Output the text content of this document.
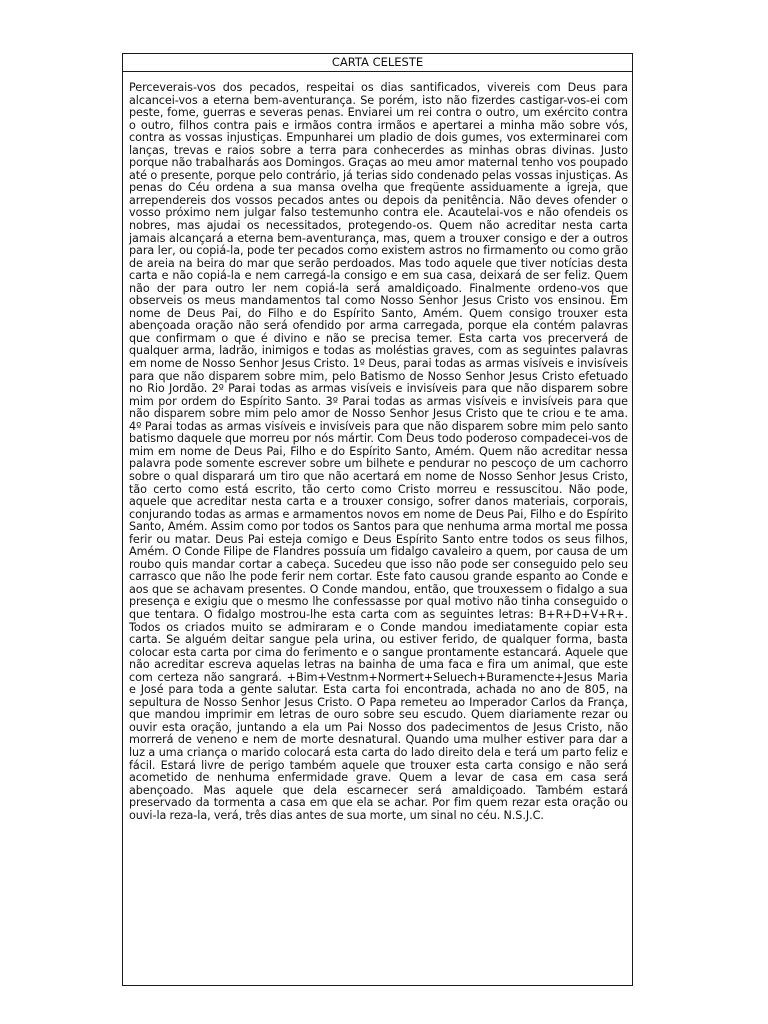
CARTA CELESTE
Perceverais-vos dos pecados, respeitai os dias santificados, vivereis com Deus para alcancei-vos a eterna bem-aventurança. Se porém, isto não fizerdes castigar-vos-ei com peste, fome, guerras e severas penas. Enviarei um rei contra o outro, um exército contra o outro, filhos contra pais e irmãos contra irmãos e apertarei a minha mão sobre vós, contra as vossas injustiças. Empunharei um pladio de dois gumes, vos exterminarei com lanças, trevas e raios sobre a terra para conhecerdes as minhas obras divinas. Justo porque não trabalharás aos Domingos. Graças ao meu amor maternal tenho vos poupado até o presente, porque pelo contrário, já terias sido condenado pelas vossas injustiças. As penas do Céu ordena a sua mansa ovelha que freqüente assiduamente a igreja, que arrependereis dos vossos pecados antes ou depois da penitência. Não deves ofender o vosso próximo nem julgar falso testemunho contra ele. Acautelai-vos e não ofendeis os nobres, mas ajudai os necessitados, protegendo-os. Quem não acreditar nesta carta jamais alcançará a eterna bem-aventurança, mas, quem a trouxer consigo e der a outros para ler, ou copiá-la, pode ter pecados como existem astros no firmamento ou como grão de areia na beira do mar que serão perdoados. Mas todo aquele que tiver notícias desta carta e não copiá-la e nem carregá-la consigo e em sua casa, deixará de ser feliz. Quem não der para outro ler nem copiá-la será amaldiçoado. Finalmente ordeno-vos que observeis os meus mandamentos tal como Nosso Senhor Jesus Cristo vos ensinou. Em nome de Deus Pai, do Filho e do Espírito Santo, Amém. Quem consigo trouxer esta abençoada oração não será ofendido por arma carregada, porque ela contém palavras que confirmam o que é divino e não se precisa temer. Esta carta vos precerverá de qualquer arma, ladrão, inimigos e todas as moléstias graves, com as seguintes palavras em nome de Nosso Senhor Jesus Cristo. 1º Deus, parai todas as armas visíveis e invisíveis para que não disparem sobre mim, pelo Batismo de Nosso Senhor Jesus Cristo efetuado no Rio Jordão. 2º Parai todas as armas visíveis e invisíveis para que não disparem sobre mim por ordem do Espírito Santo. 3º Parai todas as armas visíveis e invisíveis para que não disparem sobre mim pelo amor de Nosso Senhor Jesus Cristo que te criou e te ama. 4º Parai todas as armas visíveis e invisíveis para que não disparem sobre mim pelo santo batismo daquele que morreu por nós mártir. Com Deus todo poderoso compadecei-vos de mim em nome de Deus Pai, Filho e do Espírito Santo, Amém. Quem não acreditar nessa palavra pode somente escrever sobre um bilhete e pendurar no pescoço de um cachorro sobre o qual disparará um tiro que não acertará em nome de Nosso Senhor Jesus Cristo, tão certo como está escrito, tão certo como Cristo morreu e ressuscitou. Não pode, aquele que acreditar nesta carta e a trouxer consigo, sofrer danos materiais, corporais, conjurando todas as armas e armamentos novos em nome de Deus Pai, Filho e do Espírito Santo, Amém. Assim como por todos os Santos para que nenhuma arma mortal me possa ferir ou matar. Deus Pai esteja comigo e Deus Espírito Santo entre todos os seus filhos, Amém. O Conde Filipe de Flandres possuía um fidalgo cavaleiro a quem, por causa de um roubo quis mandar cortar a cabeça. Sucedeu que isso não pode ser conseguido pelo seu carrasco que não lhe pode ferir nem cortar. Este fato causou grande espanto ao Conde e aos que se achavam presentes. O Conde mandou, então, que trouxessem o fidalgo a sua presença e exigiu que o mesmo lhe confessasse por qual motivo não tinha conseguido o que tentara. O fidalgo mostrou-lhe esta carta com as seguintes letras: B+R+D+V+R+. Todos os criados muito se admiraram e o Conde mandou imediatamente copiar esta carta. Se alguém deitar sangue pela urina, ou estiver ferido, de qualquer forma, basta colocar esta carta por cima do ferimento e o sangue prontamente estancará. Aquele que não acreditar escreva aquelas letras na bainha de uma faca e fira um animal, que este com certeza não sangrará. +Bim+Vestnm+Normert+Seluech+Buramencte+Jesus Maria e José para toda a gente salutar. Esta carta foi encontrada, achada no ano de 805, na sepultura de Nosso Senhor Jesus Cristo. O Papa remeteu ao Imperador Carlos da França, que mandou imprimir em letras de ouro sobre seu escudo. Quem diariamente rezar ou ouvir esta oração, juntando a ela um Pai Nosso dos padecimentos de Jesus Cristo, não morrerá de veneno e nem de morte desnatural. Quando uma mulher estiver para dar a luz a uma criança o marido colocará esta carta do lado direito dela e terá um parto feliz e fácil. Estará livre de perigo também aquele que trouxer esta carta consigo e não será acometido de nenhuma enfermidade grave. Quem a levar de casa em casa será abençoado. Mas aquele que dela escarnecer será amaldiçoado. Também estará preservado da tormenta a casa em que ela se achar. Por fim quem rezar esta oração ou ouvi-la reza-la, verá, três dias antes de sua morte, um sinal no céu. N.S.J.C.
